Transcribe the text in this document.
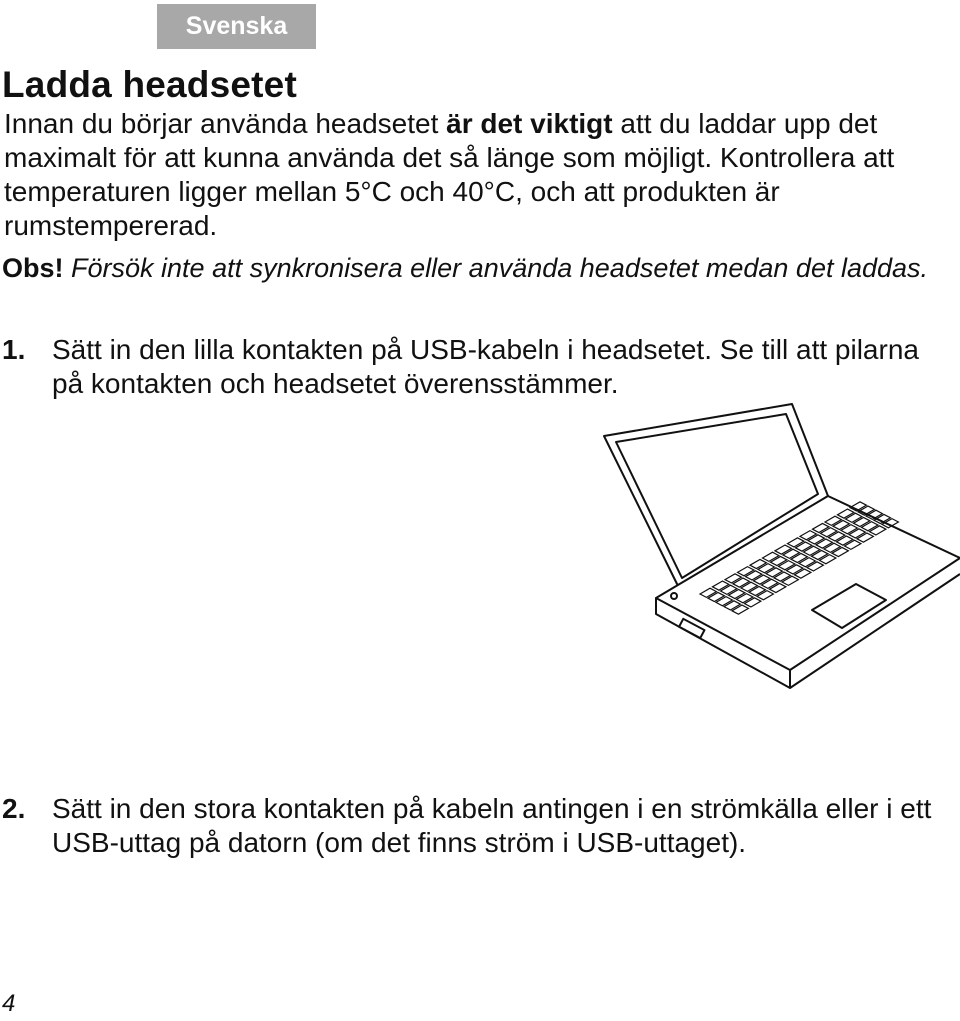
Svenska
Ladda headsetet

Innan du börjar använda headsetet är det viktigt att du laddar upp det maximalt för att kunna använda det så länge som möjligt. Kontrollera att temperaturen ligger mellan 5°C och 40°C, och att produkten är rumstempererad.

Obs! Försök inte att synkronisera eller använda headsetet medan det laddas.

1. Sätt in den lilla kontakten på USB-kabeln i headsetet. Se till att pilarna på kontakten och headsetet överensstämmer.
2. Sätt in den stora kontakten på kabeln antingen i en strömkälla eller i ett USB-uttag på datorn (om det finns ström i USB-uttaget).
4
